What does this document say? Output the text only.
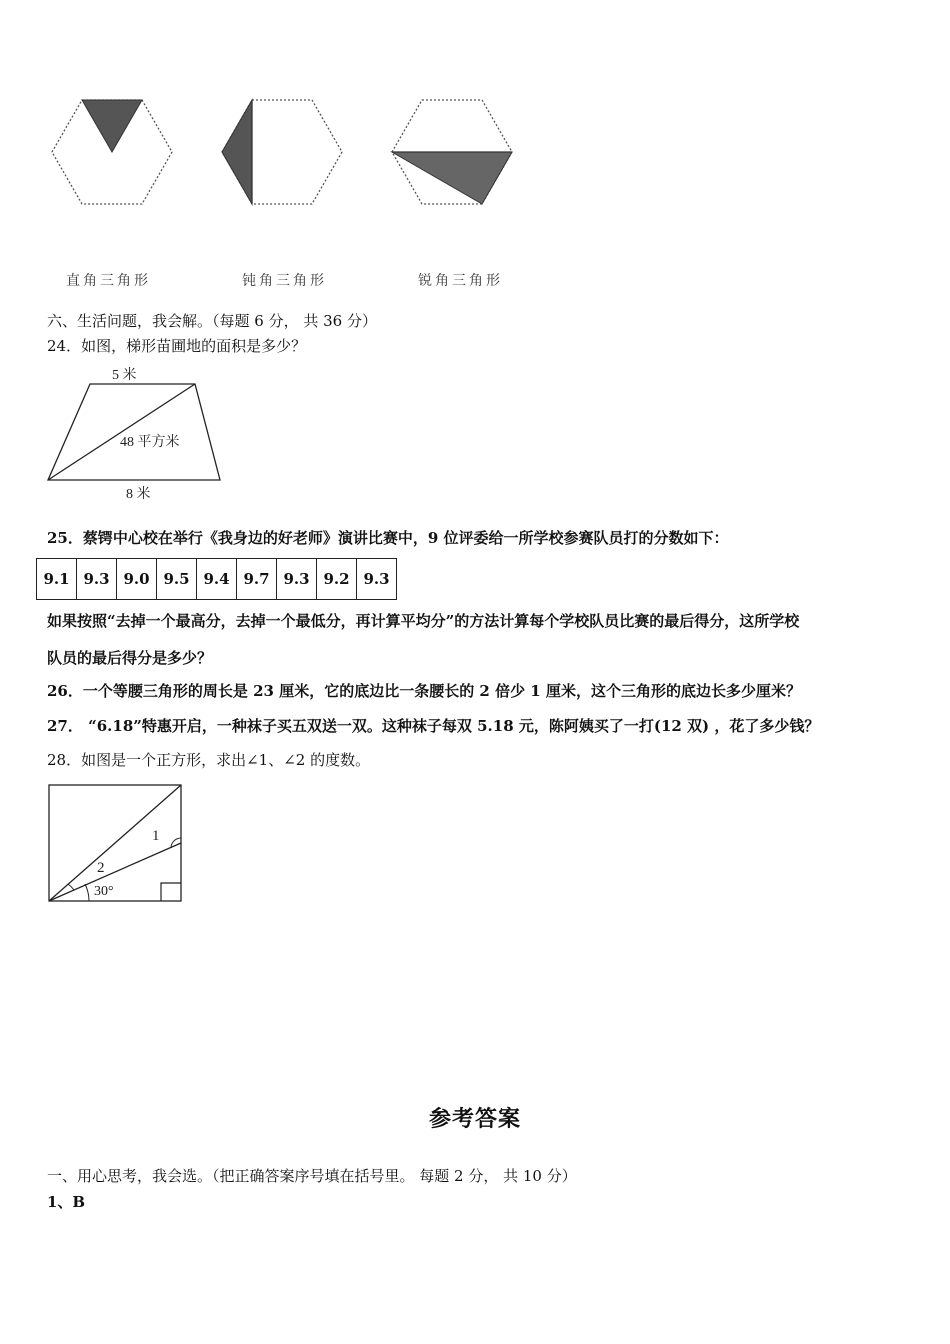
直角三角形	钝角三角形	锐角三角形
六、生活问题，我会解。（每题 6 分， 共 36 分）
24．如图，梯形苗圃地的面积是多少？
5 米
48 平方米
8 米
25．蔡锷中心校在举行《我身边的好老师》演讲比赛中，9 位评委给一所学校参赛队员打的分数如下：
9.1	9.3	9.0	9.5	9.4	9.7	9.3	9.2	9.3
如果按照“去掉一个最高分，去掉一个最低分，再计算平均分”的方法计算每个学校队员比赛的最后得分，这所学校
队员的最后得分是多少？
26．一个等腰三角形的周长是 23 厘米，它的底边比一条腰长的 2 倍少 1 厘米，这个三角形的底边长多少厘米？
27． “6.18”特惠开启，一种袜子买五双送一双。这种袜子每双 5.18 元，陈阿姨买了一打(12 双) ，花了多少钱？
28．如图是一个正方形，求出∠1、∠2 的度数。
1
2
30°
参考答案
一、用心思考，我会选。（把正确答案序号填在括号里。 每题 2 分， 共 10 分）
1、B
